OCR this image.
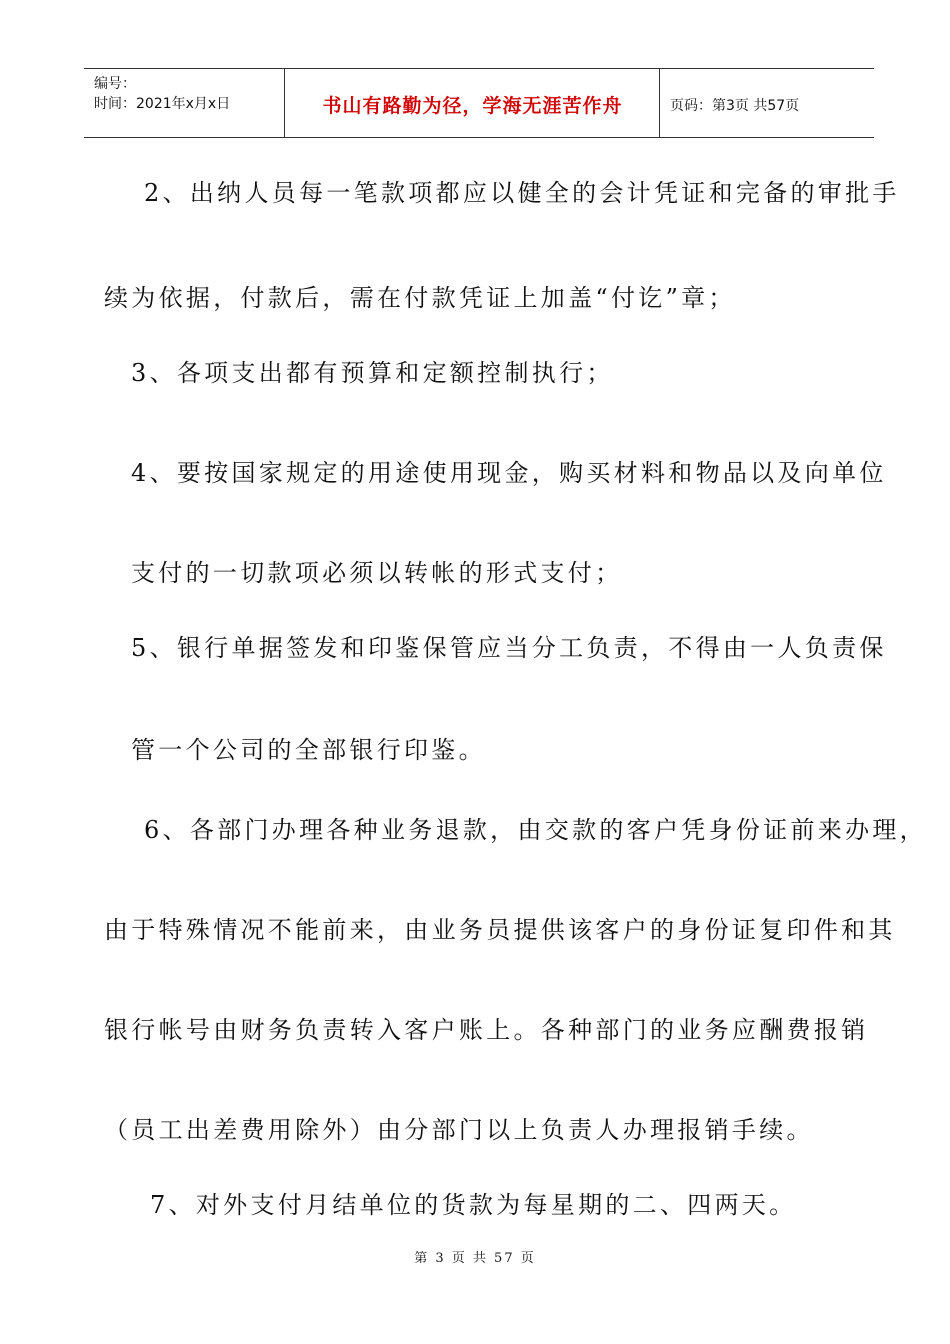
编号：
时间：2021年x月x日	书山有路勤为径，学海无涯苦作舟	页码：第3页 共57页
2、出纳人员每一笔款项都应以健全的会计凭证和完备的审批手
续为依据，付款后，需在付款凭证上加盖“付讫”章；
3、各项支出都有预算和定额控制执行；
4、要按国家规定的用途使用现金，购买材料和物品以及向单位
支付的一切款项必须以转帐的形式支付；
5、银行单据签发和印鉴保管应当分工负责，不得由一人负责保
管一个公司的全部银行印鉴。
6、各部门办理各种业务退款，由交款的客户凭身份证前来办理，
由于特殊情况不能前来，由业务员提供该客户的身份证复印件和其
银行帐号由财务负责转入客户账上。各种部门的业务应酬费报销
（员工出差费用除外）由分部门以上负责人办理报销手续。
7、对外支付月结单位的货款为每星期的二、四两天。
第 3 页 共 57 页
